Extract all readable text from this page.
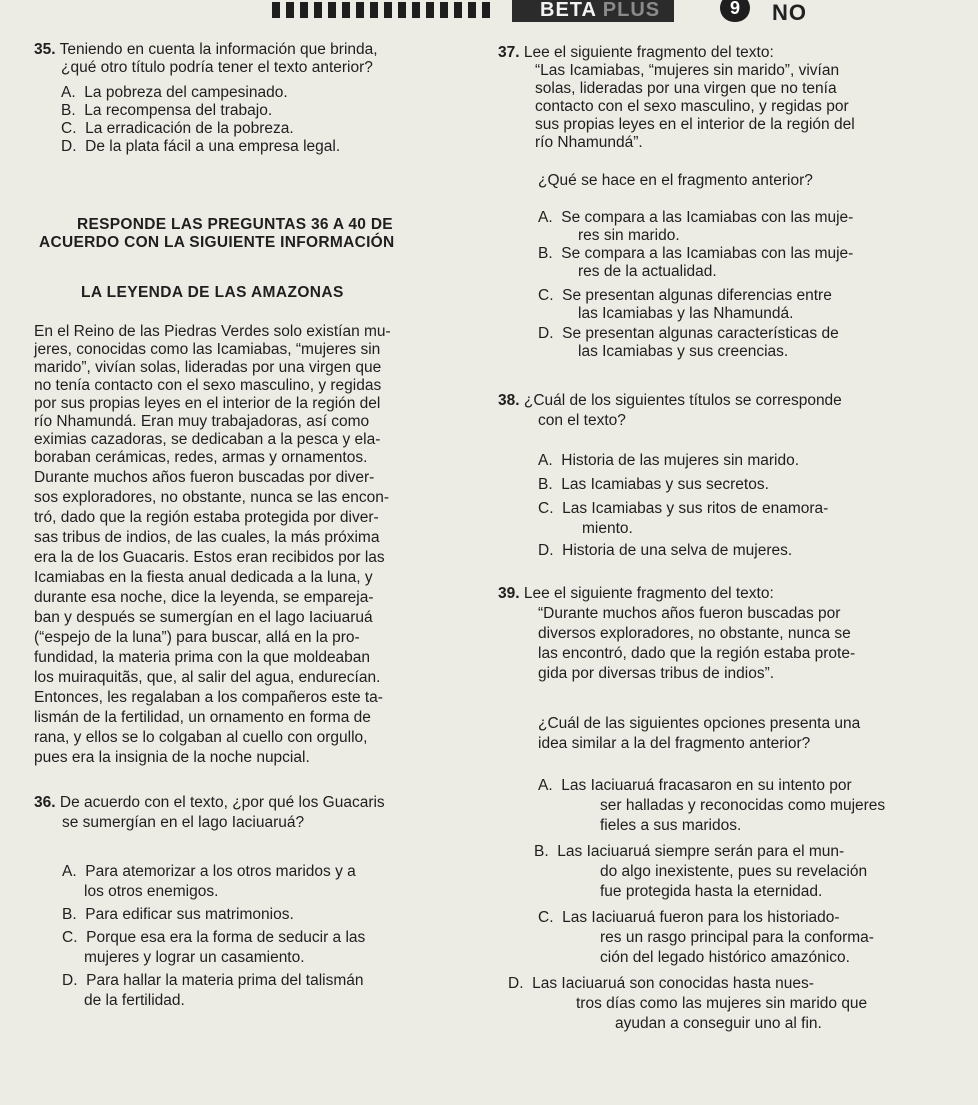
BETA PLUS	9	NO
35. Teniendo en cuenta la información que brinda,
¿qué otro título podría tener el texto anterior?
A. La pobreza del campesinado.
B. La recompensa del trabajo.
C. La erradicación de la pobreza.
D. De la plata fácil a una empresa legal.
RESPONDE LAS PREGUNTAS 36 A 40 DE
ACUERDO CON LA SIGUIENTE INFORMACIÓN
LA LEYENDA DE LAS AMAZONAS
En el Reino de las Piedras Verdes solo existían mu-
jeres, conocidas como las Icamiabas, “mujeres sin
marido”, vivían solas, lideradas por una virgen que
no tenía contacto con el sexo masculino, y regidas
por sus propias leyes en el interior de la región del
río Nhamundá. Eran muy trabajadoras, así como
eximias cazadoras, se dedicaban a la pesca y ela-
boraban cerámicas, redes, armas y ornamentos.
Durante muchos años fueron buscadas por diver-
sos exploradores, no obstante, nunca se las encon-
tró, dado que la región estaba protegida por diver-
sas tribus de indios, de las cuales, la más próxima
era la de los Guacaris. Estos eran recibidos por las
Icamiabas en la fiesta anual dedicada a la luna, y
durante esa noche, dice la leyenda, se empareja-
ban y después se sumergían en el lago Iaciuaruá
(“espejo de la luna”) para buscar, allá en la pro-
fundidad, la materia prima con la que moldeaban
los muiraquitãs, que, al salir del agua, endurecían.
Entonces, les regalaban a los compañeros este ta-
lismán de la fertilidad, un ornamento en forma de
rana, y ellos se lo colgaban al cuello con orgullo,
pues era la insignia de la noche nupcial.
36. De acuerdo con el texto, ¿por qué los Guacaris
se sumergían en el lago Iaciuaruá?
A. Para atemorizar a los otros maridos y a
los otros enemigos.
B. Para edificar sus matrimonios.
C. Porque esa era la forma de seducir a las
mujeres y lograr un casamiento.
D. Para hallar la materia prima del talismán
de la fertilidad.
37. Lee el siguiente fragmento del texto:
“Las Icamiabas, “mujeres sin marido”, vivían
solas, lideradas por una virgen que no tenía
contacto con el sexo masculino, y regidas por
sus propias leyes en el interior de la región del
río Nhamundá”.
¿Qué se hace en el fragmento anterior?
A. Se compara a las Icamiabas con las muje-
res sin marido.
B. Se compara a las Icamiabas con las muje-
res de la actualidad.
C. Se presentan algunas diferencias entre
las Icamiabas y las Nhamundá.
D. Se presentan algunas características de
las Icamiabas y sus creencias.
38. ¿Cuál de los siguientes títulos se corresponde
con el texto?
A. Historia de las mujeres sin marido.
B. Las Icamiabas y sus secretos.
C. Las Icamiabas y sus ritos de enamora-
miento.
D. Historia de una selva de mujeres.
39. Lee el siguiente fragmento del texto:
“Durante muchos años fueron buscadas por
diversos exploradores, no obstante, nunca se
las encontró, dado que la región estaba prote-
gida por diversas tribus de indios”.
¿Cuál de las siguientes opciones presenta una
idea similar a la del fragmento anterior?
A. Las Iaciuaruá fracasaron en su intento por
ser halladas y reconocidas como mujeres
fieles a sus maridos.
B. Las Iaciuaruá siempre serán para el mun-
do algo inexistente, pues su revelación
fue protegida hasta la eternidad.
C. Las Iaciuaruá fueron para los historiado-
res un rasgo principal para la conforma-
ción del legado histórico amazónico.
D. Las Iaciuaruá son conocidas hasta nues-
tros días como las mujeres sin marido que
ayudan a conseguir uno al fin.
